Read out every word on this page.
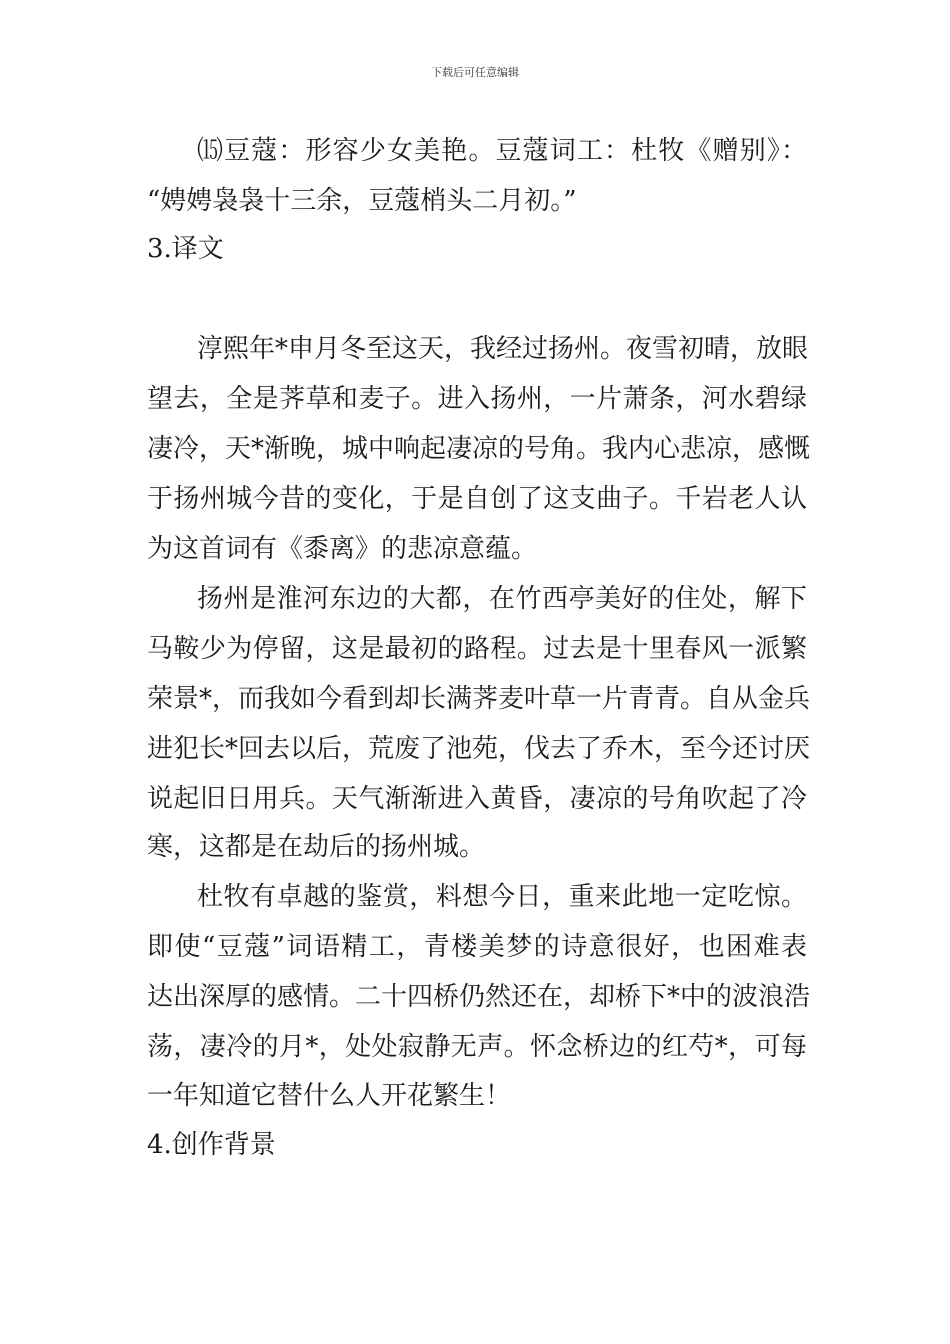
下载后可任意编辑
⒂豆蔻：形容少女美艳。豆蔻词工：杜牧《赠别》：
“娉娉袅袅十三余，豆蔻梢头二月初。”
3.译文
淳熙年*申月冬至这天，我经过扬州。夜雪初晴，放眼
望去，全是荠草和麦子。进入扬州，一片萧条，河水碧绿
凄冷，天*渐晚，城中响起凄凉的号角。我内心悲凉，感慨
于扬州城今昔的变化，于是自创了这支曲子。千岩老人认
为这首词有《黍离》的悲凉意蕴。
扬州是淮河东边的大都，在竹西亭美好的住处，解下
马鞍少为停留，这是最初的路程。过去是十里春风一派繁
荣景*，而我如今看到却长满荠麦叶草一片青青。自从金兵
进犯长*回去以后，荒废了池苑，伐去了乔木，至今还讨厌
说起旧日用兵。天气渐渐进入黄昏，凄凉的号角吹起了冷
寒，这都是在劫后的扬州城。
杜牧有卓越的鉴赏，料想今日，重来此地一定吃惊。
即使“豆蔻”词语精工，青楼美梦的诗意很好，也困难表
达出深厚的感情。二十四桥仍然还在，却桥下*中的波浪浩
荡，凄冷的月*，处处寂静无声。怀念桥边的红芍*，可每
一年知道它替什么人开花繁生！
4.创作背景
